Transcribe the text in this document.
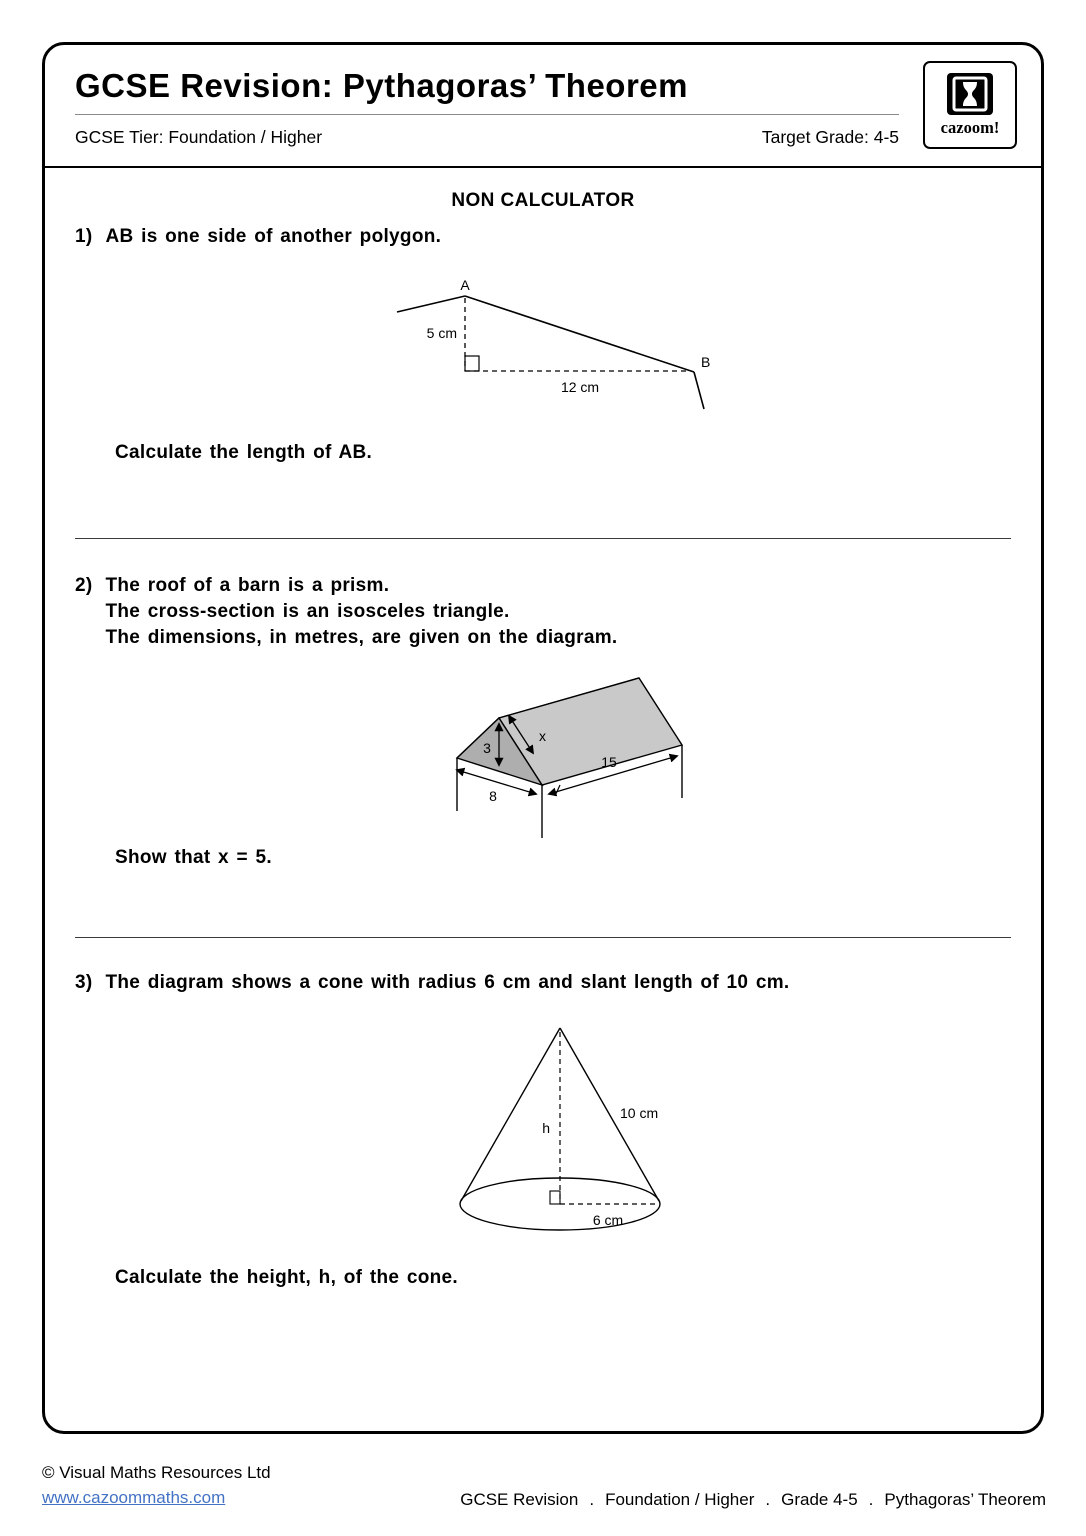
GCSE Revision: Pythagoras’ Theorem
GCSE Tier: Foundation / Higher	Target Grade: 4-5	cazoom!
NON CALCULATOR
1) AB is one side of another polygon.
A
B
5 cm
12 cm
Calculate the length of AB.
2) The roof of a barn is a prism.
The cross-section is an isosceles triangle.
The dimensions, in metres, are given on the diagram.
3
x
8
15
Show that x = 5.
3) The diagram shows a cone with radius 6 cm and slant length of 10 cm.
h
10 cm
6 cm
Calculate the height, h, of the cone.
© Visual Maths Resources Ltd
www.cazoommaths.com	GCSE Revision . Foundation / Higher . Grade 4-5 . Pythagoras’ Theorem
